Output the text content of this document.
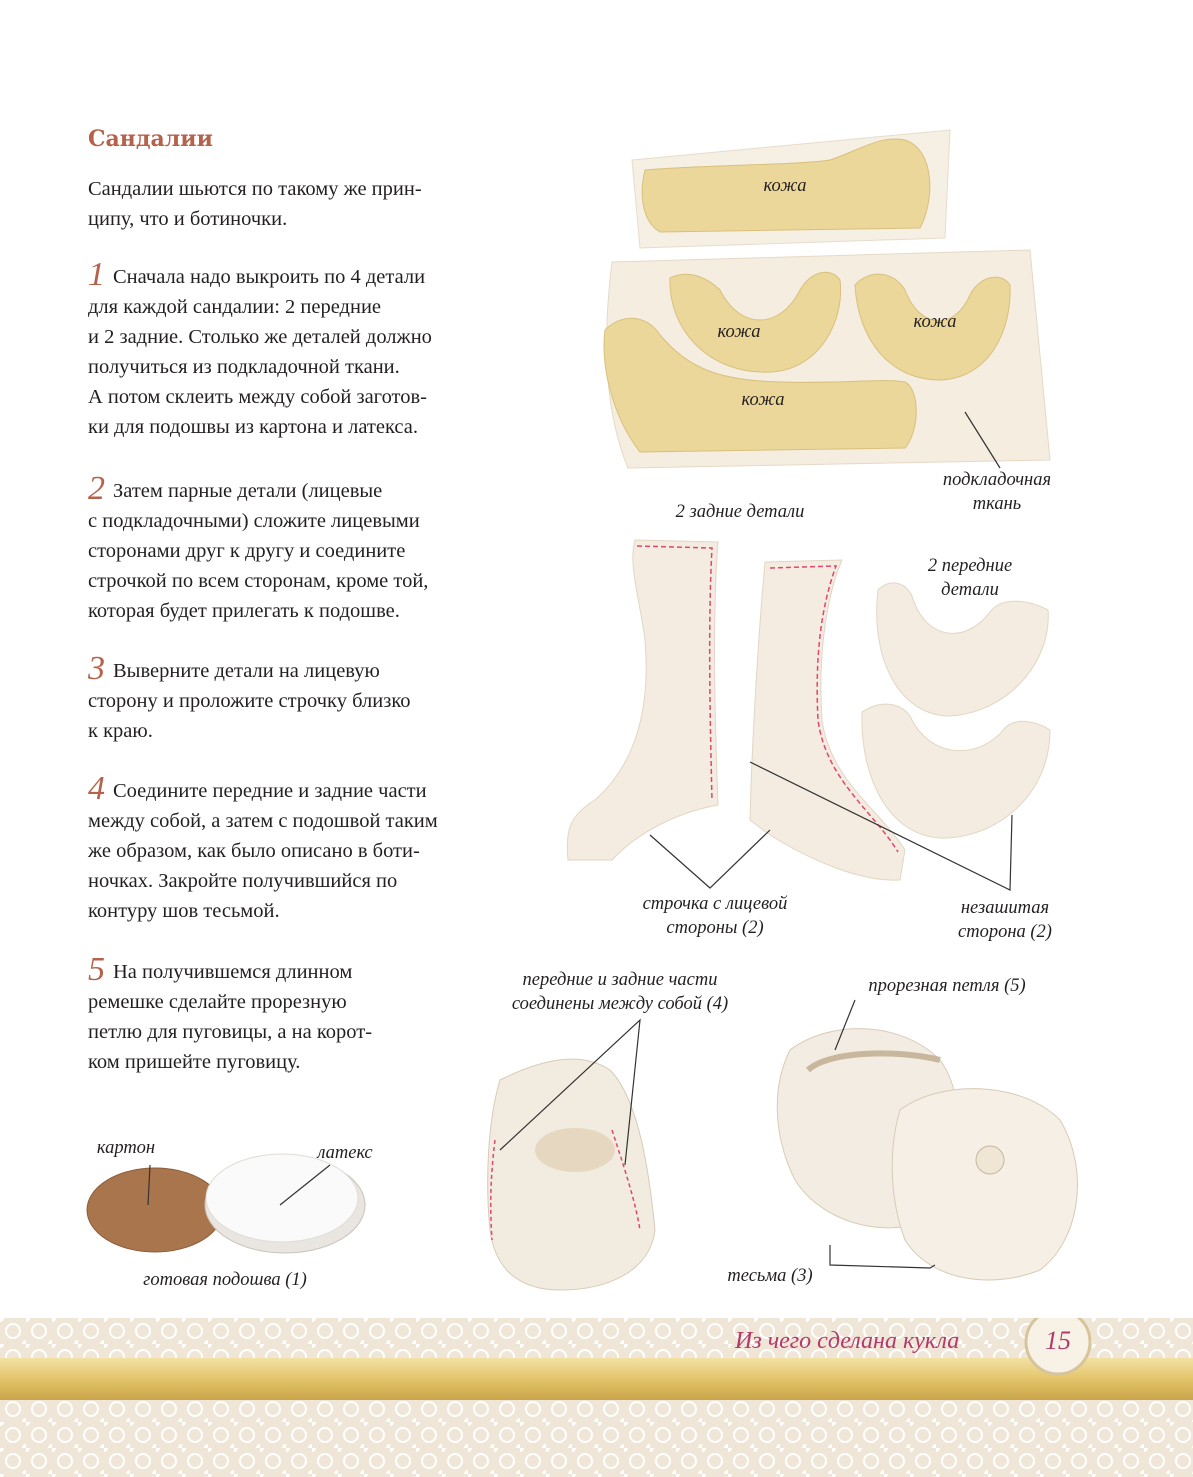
Сандалии

Сандалии шьются по такому же прин-
ципу, что и ботиночки.

1 Сначала надо выкроить по 4 детали
для каждой сандалии: 2 передние
и 2 задние. Столько же деталей должно
получиться из подкладочной ткани.
А потом склеить между собой заготов-
ки для подошвы из картона и латекса.

2 Затем парные детали (лицевые
с подкладочными) сложите лицевыми
сторонами друг к другу и соедините
строчкой по всем сторонам, кроме той,
которая будет прилегать к подошве.

3 Выверните детали на лицевую
сторону и проложите строчку близко
к краю.

4 Соедините передние и задние части
между собой, а затем с подошвой таким
же образом, как было описано в боти-
ночках. Закройте получившийся по
контуру шов тесьмой.

5 На получившемся длинном
ремешке сделайте прорезную
петлю для пуговицы, а на корот-
ком пришейте пуговицу.

кожа

кожа	кожа

кожа

подкладочная
ткань

2 задние детали

2 передние
детали

строчка с лицевой
стороны (2)

незашитая
сторона (2)

передние и задние части
соединены между собой (4)

прорезная петля (5)

картон	латекс

готовая подошва (1)	тесьма (3)

Из чего сделана кукла	15
